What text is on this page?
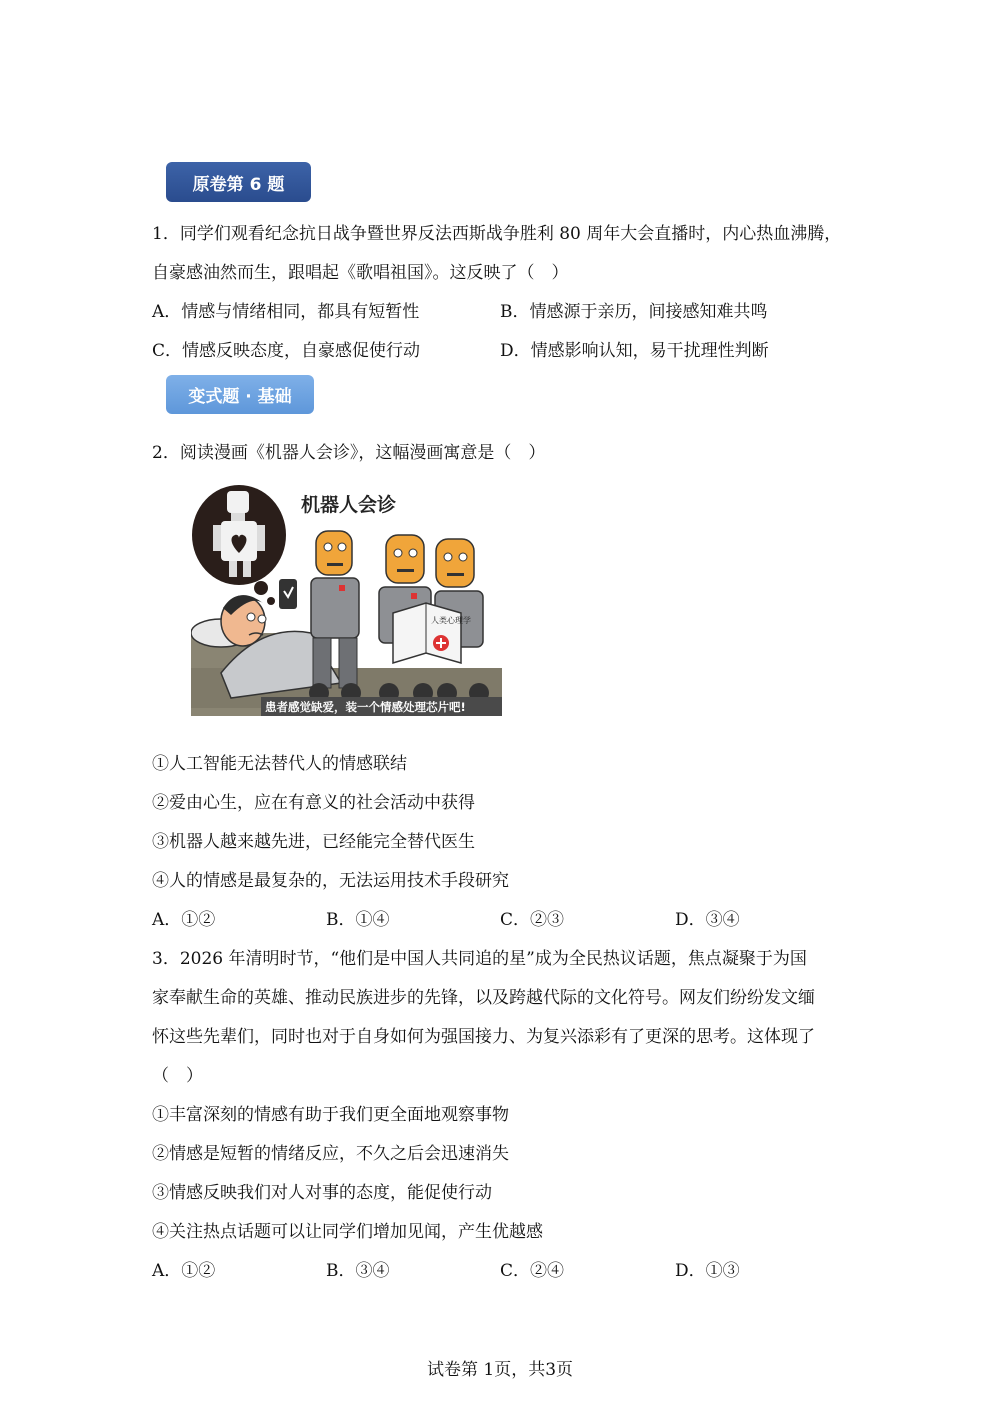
原卷第 6 题
1．同学们观看纪念抗日战争暨世界反法西斯战争胜利 80 周年大会直播时，内心热血沸腾，
自豪感油然而生，跟唱起《歌唱祖国》。这反映了（　）
A．情感与情绪相同，都具有短暂性	B．情感源于亲历，间接感知难共鸣
C．情感反映态度，自豪感促使行动	D．情感影响认知，易干扰理性判断
变式题 · 基础
2．阅读漫画《机器人会诊》，这幅漫画寓意是（　）
机器人会诊
人类心理学
患者感觉缺爱，装一个情感处理芯片吧!
①人工智能无法替代人的情感联结
②爱由心生，应在有意义的社会活动中获得
③机器人越来越先进，已经能完全替代医生
④人的情感是最复杂的，无法运用技术手段研究
A．①②	B．①④	C．②③	D．③④
3．2026 年清明时节，“他们是中国人共同追的星”成为全民热议话题，焦点凝聚于为国
家奉献生命的英雄、推动民族进步的先锋，以及跨越代际的文化符号。网友们纷纷发文缅
怀这些先辈们，同时也对于自身如何为强国接力、为复兴添彩有了更深的思考。这体现了
（　）
①丰富深刻的情感有助于我们更全面地观察事物
②情感是短暂的情绪反应，不久之后会迅速消失
③情感反映我们对人对事的态度，能促使行动
④关注热点话题可以让同学们增加见闻，产生优越感
A．①②	B．③④	C．②④	D．①③
试卷第 1页，共3页
